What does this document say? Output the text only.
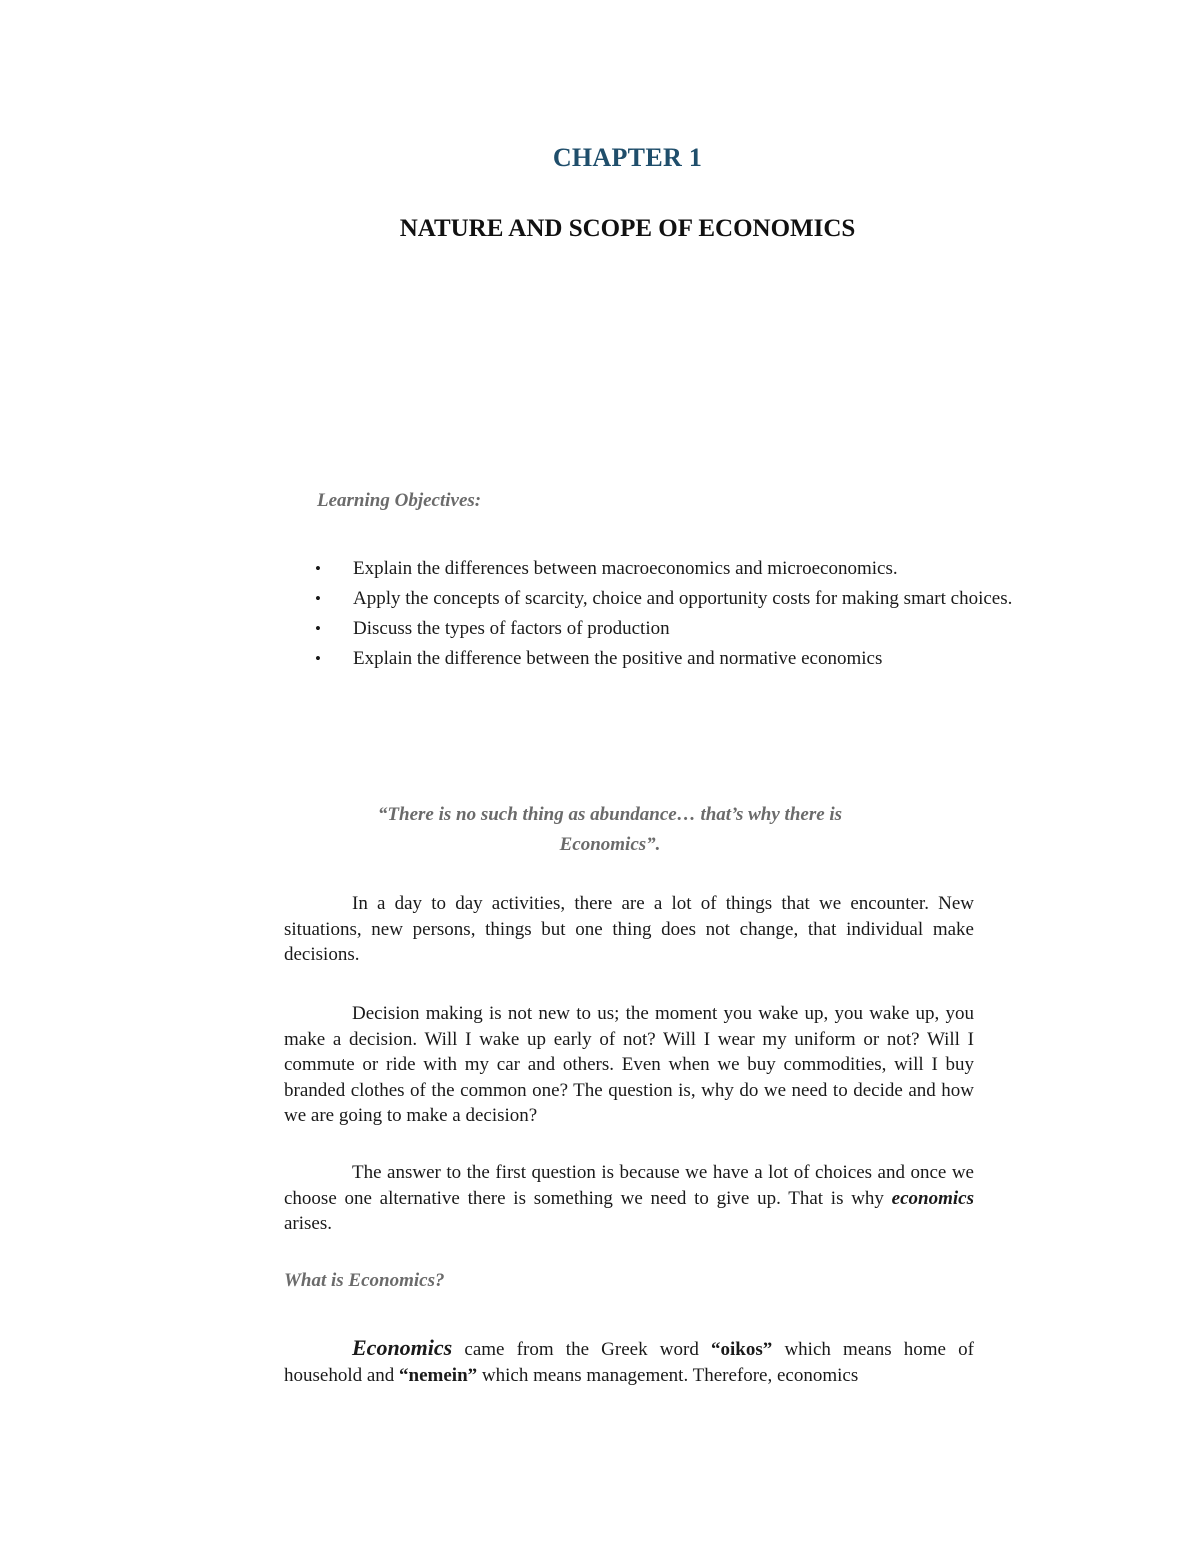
CHAPTER 1
NATURE AND SCOPE OF ECONOMICS
Learning Objectives:
• Explain the differences between macroeconomics and microeconomics.
• Apply the concepts of scarcity, choice and opportunity costs for making smart choices.
• Discuss the types of factors of production
• Explain the difference between the positive and normative economics
“There is no such thing as abundance… that’s why there is
Economics”.

In a day to day activities, there are a lot of things that we encounter. New situations, new persons, things but one thing does not change, that individual make decisions.

Decision making is not new to us; the moment you wake up, you wake up, you make a decision. Will I wake up early of not? Will I wear my uniform or not? Will I commute or ride with my car and others. Even when we buy commodities, will I buy branded clothes of the common one? The question is, why do we need to decide and how we are going to make a decision?

The answer to the first question is because we have a lot of choices and once we choose one alternative there is something we need to give up. That is why economics arises.

What is Economics?

Economics came from the Greek word “oikos” which means home of household and “nemein” which means management. Therefore, economics
